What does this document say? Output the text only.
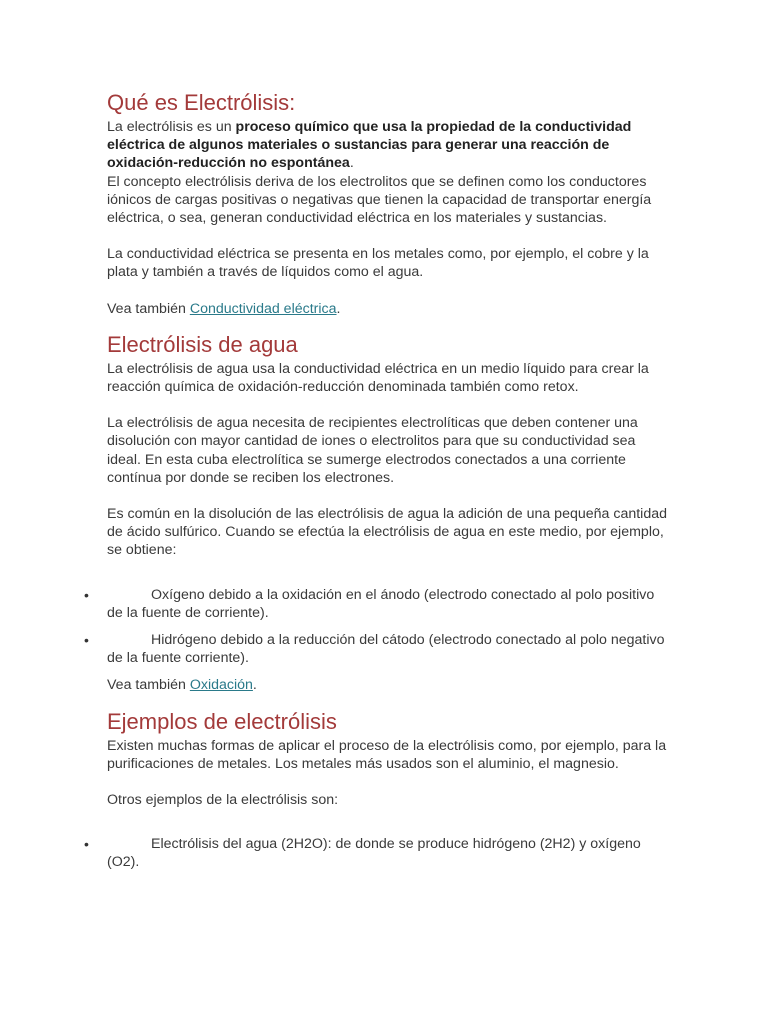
Qué es Electrólisis:

La electrólisis es un proceso químico que usa la propiedad de la conductividad eléctrica de algunos materiales o sustancias para generar una reacción de oxidación-reducción no espontánea.

El concepto electrólisis deriva de los electrolitos que se definen como los conductores iónicos de cargas positivas o negativas que tienen la capacidad de transportar energía eléctrica, o sea, generan conductividad eléctrica en los materiales y sustancias.

La conductividad eléctrica se presenta en los metales como, por ejemplo, el cobre y la plata y también a través de líquidos como el agua.

Vea también Conductividad eléctrica.

Electrólisis de agua

La electrólisis de agua usa la conductividad eléctrica en un medio líquido para crear la reacción química de oxidación-reducción denominada también como retox.

La electrólisis de agua necesita de recipientes electrolíticas que deben contener una disolución con mayor cantidad de iones o electrolitos para que su conductividad sea ideal. En esta cuba electrolítica se sumerge electrodos conectados a una corriente contínua por donde se reciben los electrones.

Es común en la disolución de las electrólisis de agua la adición de una pequeña cantidad de ácido sulfúrico. Cuando se efectúa la electrólisis de agua en este medio, por ejemplo, se obtiene:

•	Oxígeno debido a la oxidación en el ánodo (electrodo conectado al polo positivo de la fuente de corriente).
•	Hidrógeno debido a la reducción del cátodo (electrodo conectado al polo negativo de la fuente corriente).

Vea también Oxidación.

Ejemplos de electrólisis

Existen muchas formas de aplicar el proceso de la electrólisis como, por ejemplo, para la purificaciones de metales. Los metales más usados son el aluminio, el magnesio.

Otros ejemplos de la electrólisis son:

•	Electrólisis del agua (2H2O): de donde se produce hidrógeno (2H2) y oxígeno (O2).
